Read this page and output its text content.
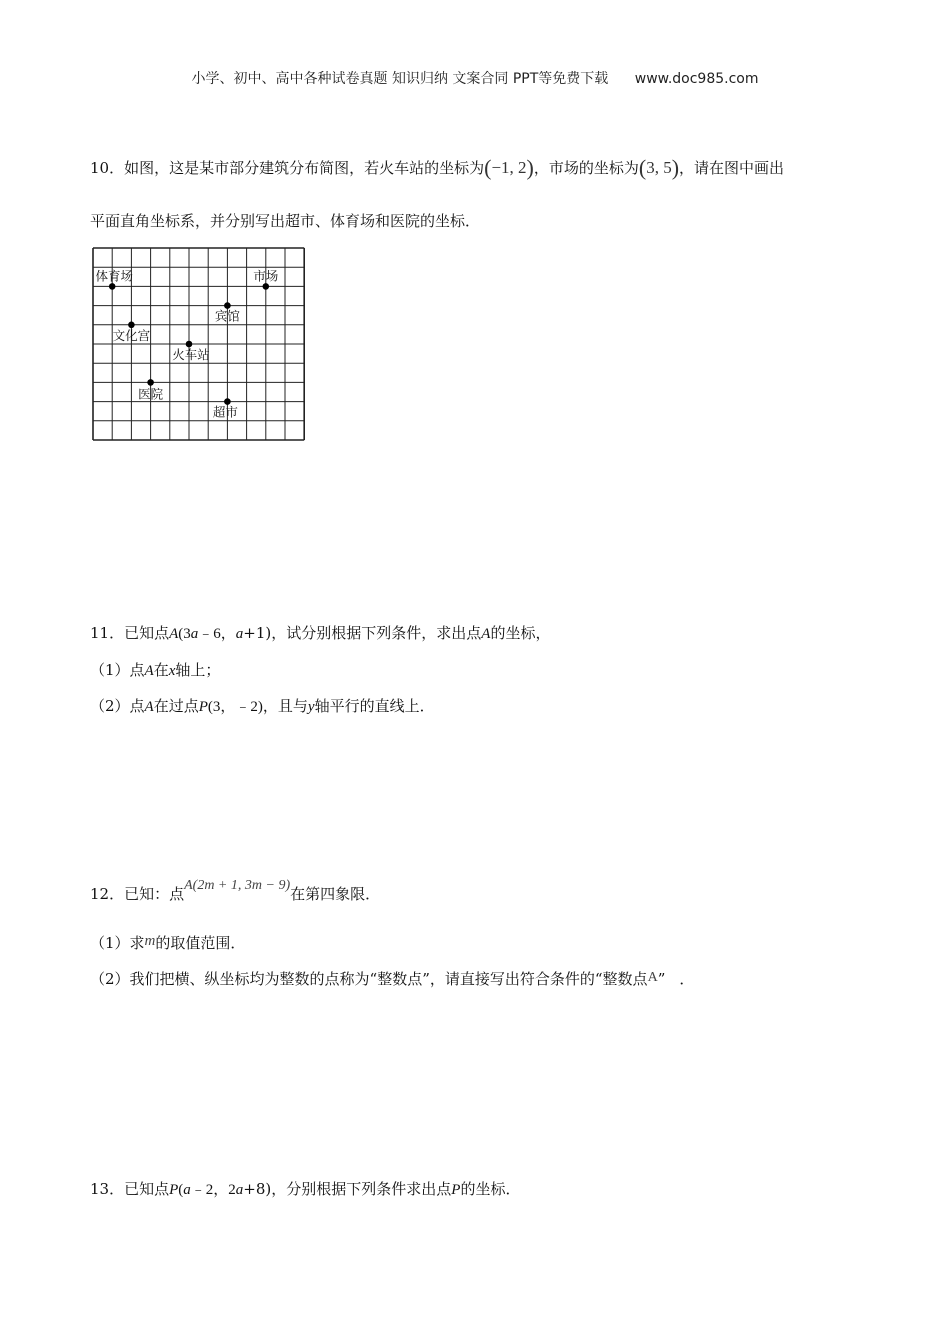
小学、初中、高中各种试卷真题 知识归纳 文案合同 PPT等免费下载 www.doc985.com
10．如图，这是某市部分建筑分布简图，若火车站的坐标为(−1, 2)，市场的坐标为(3, 5)，请在图中画出
平面直角坐标系，并分别写出超市、体育场和医院的坐标．
体育场	市场
宾馆
文化宫
火车站
医院
超市
11．已知点A(3a﹣6，a+1)，试分别根据下列条件，求出点A的坐标，
（1）点A在x轴上；
（2）点A在过点P(3，﹣2)，且与y轴平行的直线上．
12．已知：点A(2m + 1, 3m − 9)在第四象限．
（1）求m的取值范围．
（2）我们把横、纵坐标均为整数的点称为“整数点”，请直接写出符合条件的“整数点A” ．
13．已知点P(a﹣2，2a+8)，分别根据下列条件求出点P的坐标．
